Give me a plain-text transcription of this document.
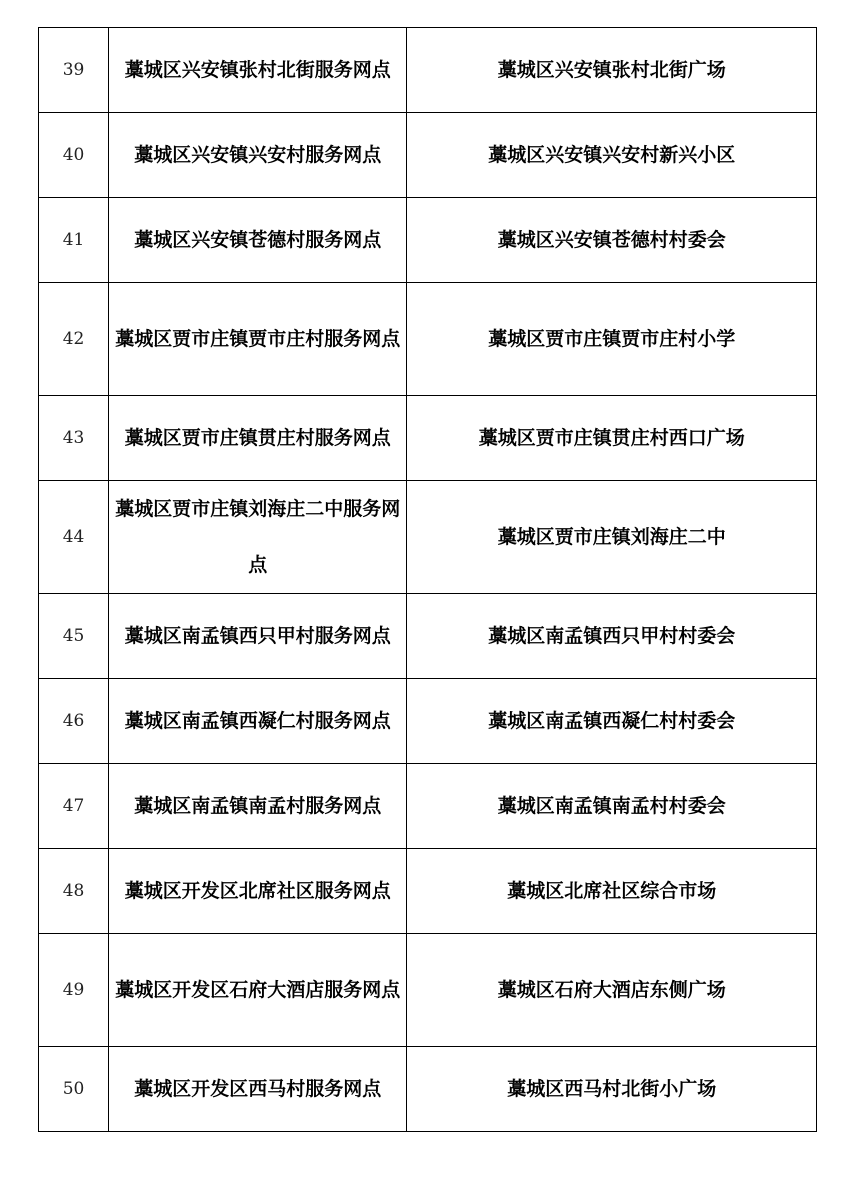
39	藁城区兴安镇张村北街服务网点	藁城区兴安镇张村北街广场
40	藁城区兴安镇兴安村服务网点	藁城区兴安镇兴安村新兴小区
41	藁城区兴安镇苍德村服务网点	藁城区兴安镇苍德村村委会
42	藁城区贾市庄镇贾市庄村服务网点	藁城区贾市庄镇贾市庄村小学
43	藁城区贾市庄镇贯庄村服务网点	藁城区贾市庄镇贯庄村西口广场
44	藁城区贾市庄镇刘海庄二中服务网点	藁城区贾市庄镇刘海庄二中
45	藁城区南孟镇西只甲村服务网点	藁城区南孟镇西只甲村村委会
46	藁城区南孟镇西凝仁村服务网点	藁城区南孟镇西凝仁村村委会
47	藁城区南孟镇南孟村服务网点	藁城区南孟镇南孟村村委会
48	藁城区开发区北席社区服务网点	藁城区北席社区综合市场
49	藁城区开发区石府大酒店服务网点	藁城区石府大酒店东侧广场
50	藁城区开发区西马村服务网点	藁城区西马村北街小广场
